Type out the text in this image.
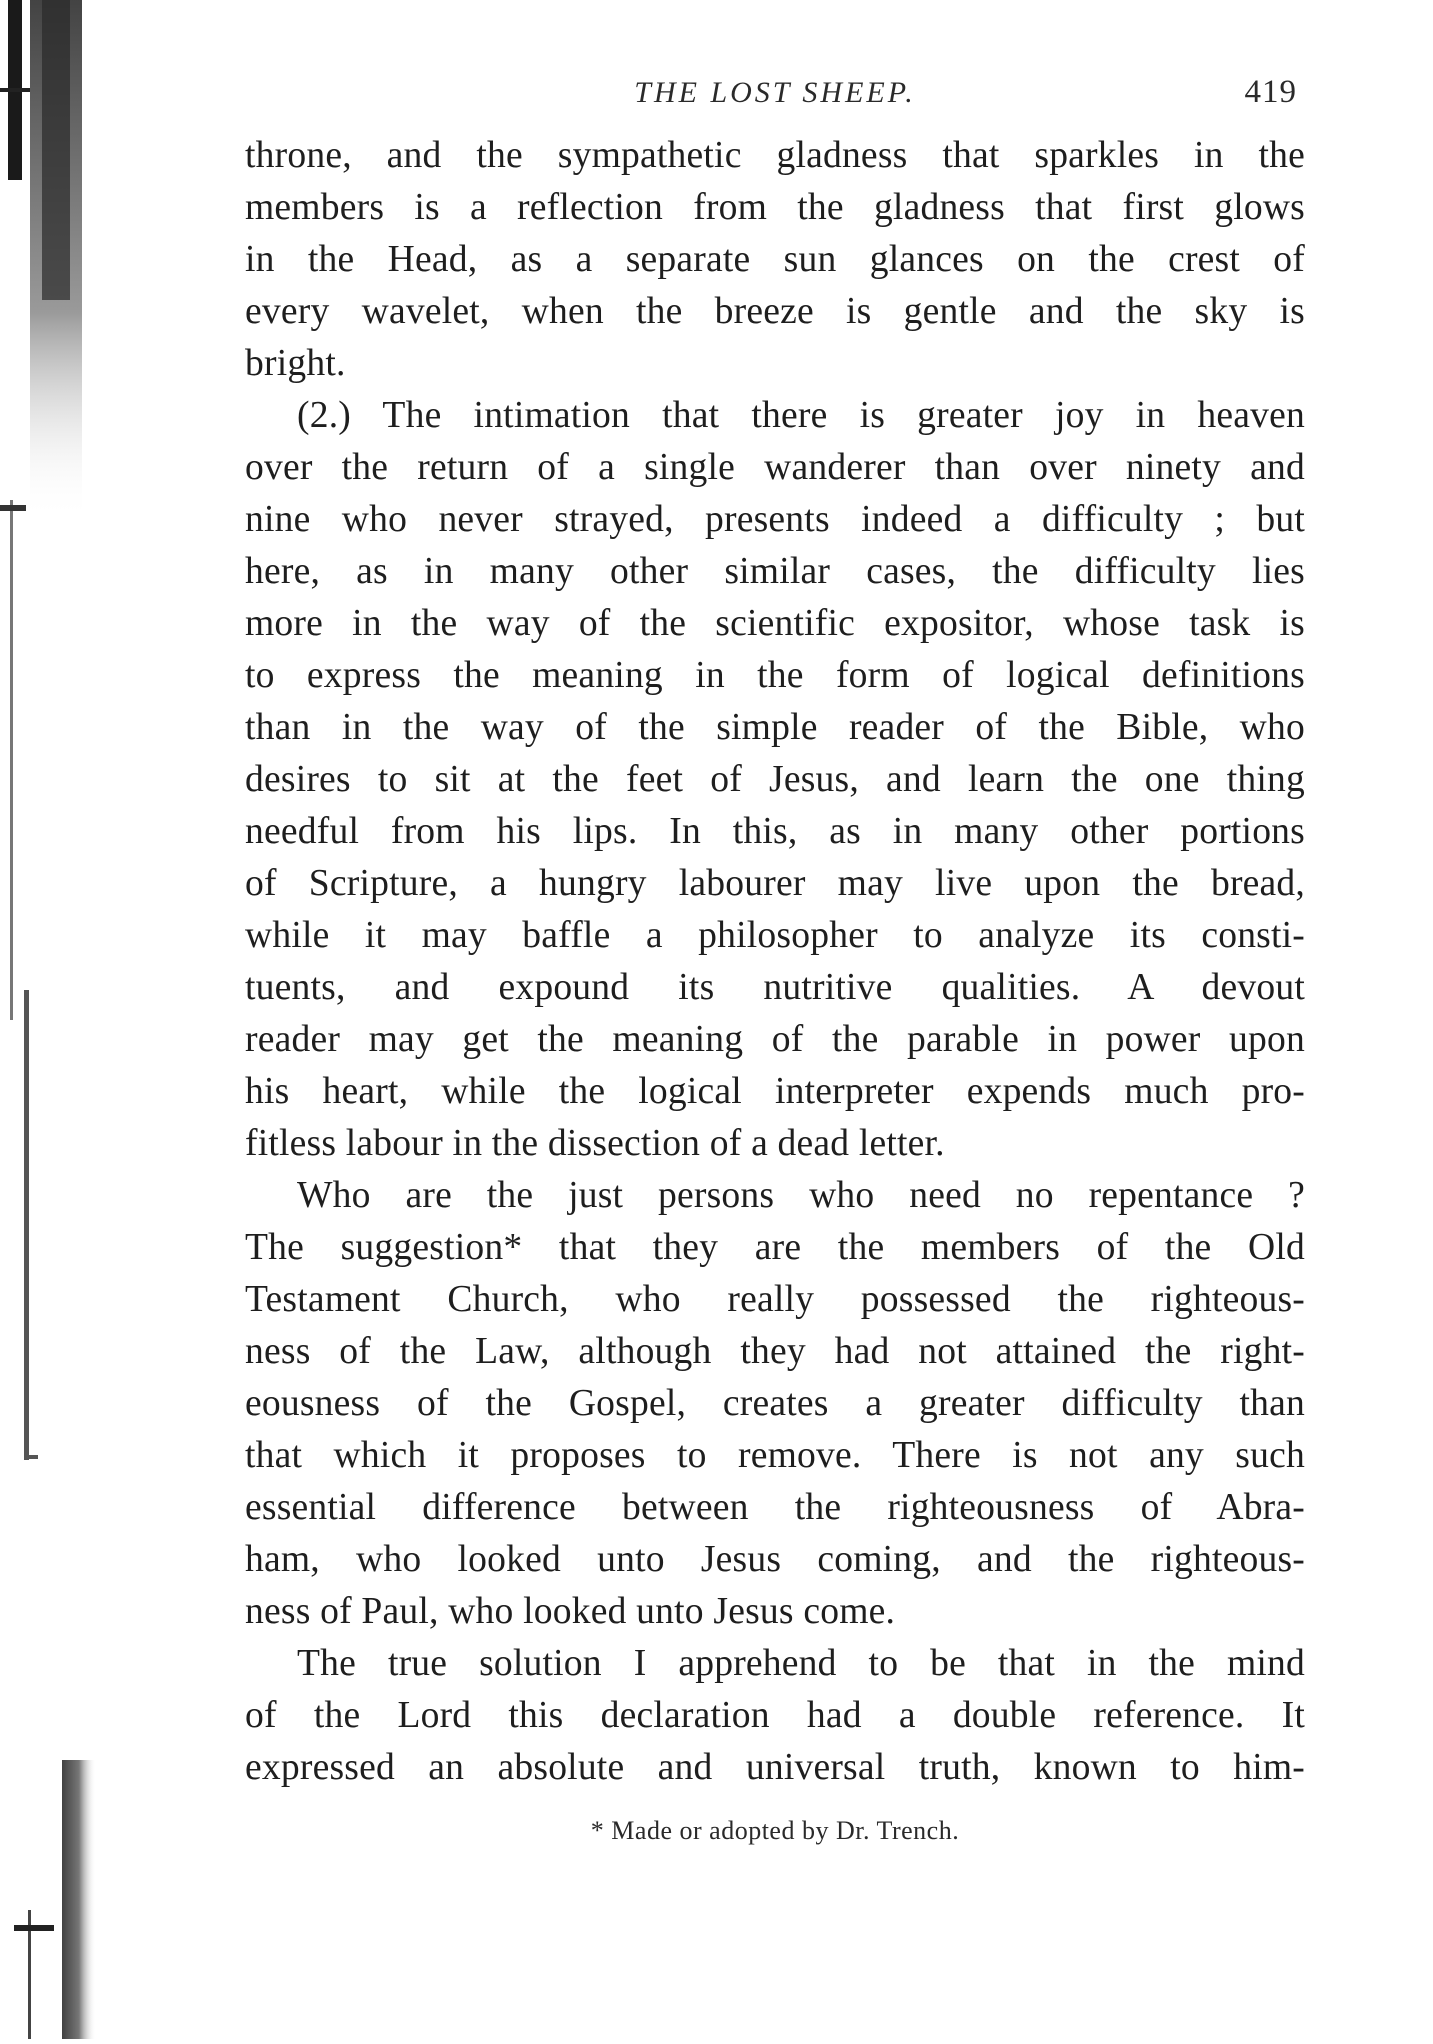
THE LOST SHEEP.	419
throne, and the sympathetic gladness that sparkles in the
members is a reflection from the gladness that first glows
in the Head, as a separate sun glances on the crest of
every wavelet, when the breeze is gentle and the sky is
bright.
(2.) The intimation that there is greater joy in heaven
over the return of a single wanderer than over ninety and
nine who never strayed, presents indeed a difficulty ; but
here, as in many other similar cases, the difficulty lies
more in the way of the scientific expositor, whose task is
to express the meaning in the form of logical definitions
than in the way of the simple reader of the Bible, who
desires to sit at the feet of Jesus, and learn the one thing
needful from his lips. In this, as in many other portions
of Scripture, a hungry labourer may live upon the bread,
while it may baffle a philosopher to analyze its consti-
tuents, and expound its nutritive qualities. A devout
reader may get the meaning of the parable in power upon
his heart, while the logical interpreter expends much pro-
fitless labour in the dissection of a dead letter.
Who are the just persons who need no repentance ?
The suggestion* that they are the members of the Old
Testament Church, who really possessed the righteous-
ness of the Law, although they had not attained the right-
eousness of the Gospel, creates a greater difficulty than
that which it proposes to remove. There is not any such
essential difference between the righteousness of Abra-
ham, who looked unto Jesus coming, and the righteous-
ness of Paul, who looked unto Jesus come.
The true solution I apprehend to be that in the mind
of the Lord this declaration had a double reference. It
expressed an absolute and universal truth, known to him-
* Made or adopted by Dr. Trench.
